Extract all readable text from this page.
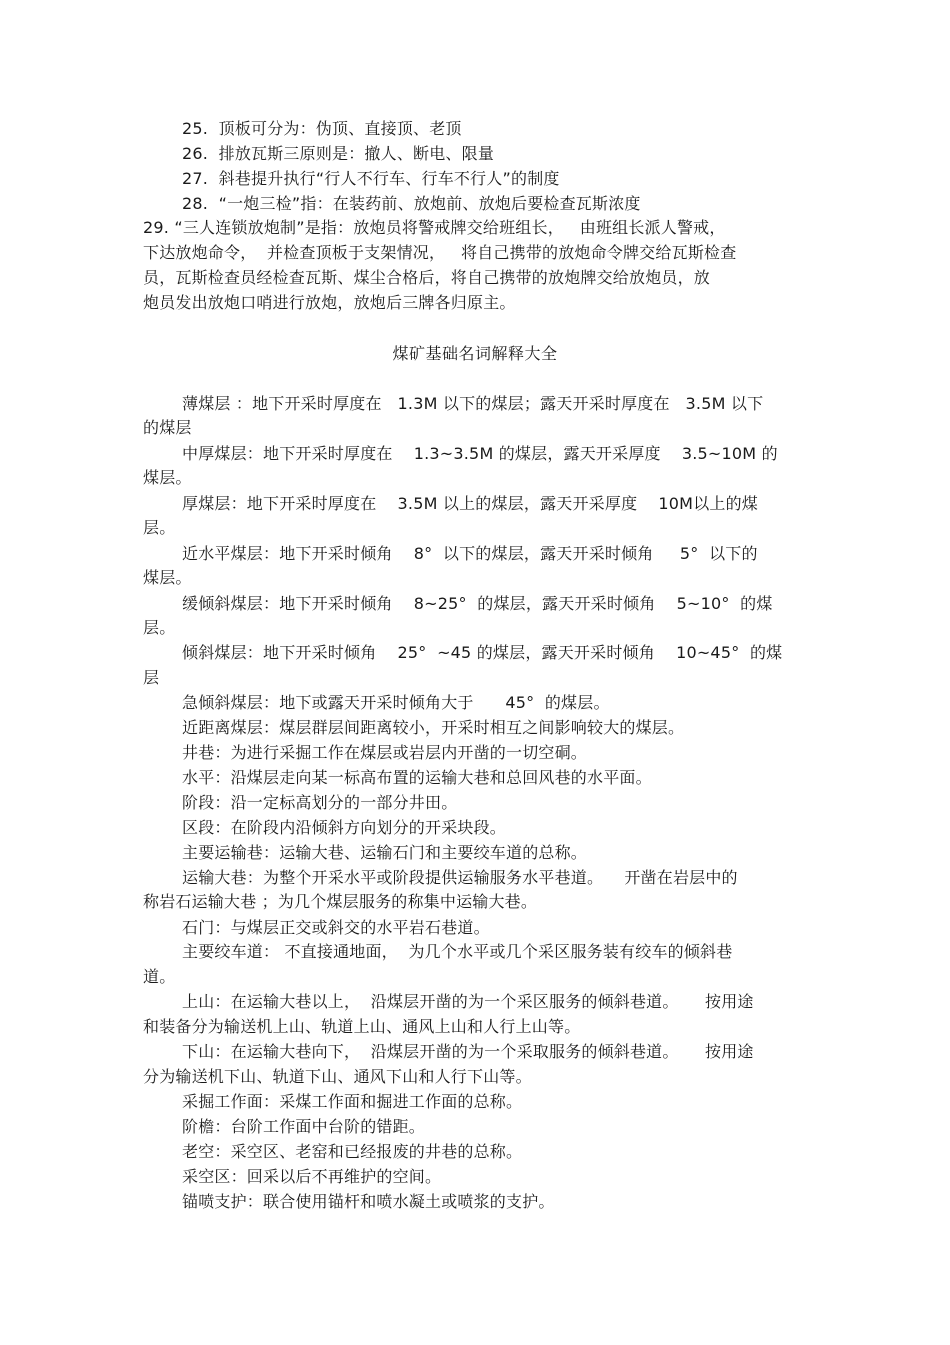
25.  顶板可分为：伪顶、直接顶、老顶
26.  排放瓦斯三原则是：撤人、断电、限量
27.  斜巷提升执行“行人不行车、行车不行人”的制度
28.  “一炮三检”指：在装药前、放炮前、放炮后要检查瓦斯浓度
29. “三人连锁放炮制”是指：放炮员将警戒牌交给班组长，   由班组长派人警戒，
下达放炮命令，  并检查顶板于支架情况，   将自己携带的放炮命令牌交给瓦斯检查
员，瓦斯检查员经检查瓦斯、煤尘合格后，将自己携带的放炮牌交给放炮员，放
炮员发出放炮口哨进行放炮，放炮后三牌各归原主。
煤矿基础名词解释大全
薄煤层 ：地下开采时厚度在   1.3M 以下的煤层；露天开采时厚度在   3.5M 以下
的煤层
中厚煤层：地下开采时厚度在    1.3~3.5M 的煤层，露天开采厚度    3.5~10M 的
煤层。
厚煤层：地下开采时厚度在    3.5M 以上的煤层，露天开采厚度    10M以上的煤
层。
近水平煤层：地下开采时倾角    8°  以下的煤层，露天开采时倾角     5°  以下的
煤层。
缓倾斜煤层：地下开采时倾角    8~25°  的煤层，露天开采时倾角    5~10°  的煤
层。
倾斜煤层：地下开采时倾角    25°  ~45 的煤层，露天开采时倾角    10~45°  的煤
层
急倾斜煤层：地下或露天开采时倾角大于      45°  的煤层。
近距离煤层：煤层群层间距离较小，开采时相互之间影响较大的煤层。
井巷：为进行采掘工作在煤层或岩层内开凿的一切空硐。
水平：沿煤层走向某一标高布置的运输大巷和总回风巷的水平面。
阶段：沿一定标高划分的一部分井田。
区段：在阶段内沿倾斜方向划分的开采块段。
主要运输巷：运输大巷、运输石门和主要绞车道的总称。
运输大巷：为整个开采水平或阶段提供运输服务水平巷道。    开凿在岩层中的
称岩石运输大巷 ；为几个煤层服务的称集中运输大巷。
石门：与煤层正交或斜交的水平岩石巷道。
主要绞车道： 不直接通地面，  为几个水平或几个采区服务装有绞车的倾斜巷
道。
上山：在运输大巷以上，  沿煤层开凿的为一个采区服务的倾斜巷道。     按用途
和装备分为输送机上山、轨道上山、通风上山和人行上山等。
下山：在运输大巷向下，  沿煤层开凿的为一个采取服务的倾斜巷道。     按用途
分为输送机下山、轨道下山、通风下山和人行下山等。
采掘工作面：采煤工作面和掘进工作面的总称。
阶檐：台阶工作面中台阶的错距。
老空：采空区、老窑和已经报废的井巷的总称。
采空区：回采以后不再维护的空间。
锚喷支护：联合使用锚杆和喷水凝土或喷浆的支护。
